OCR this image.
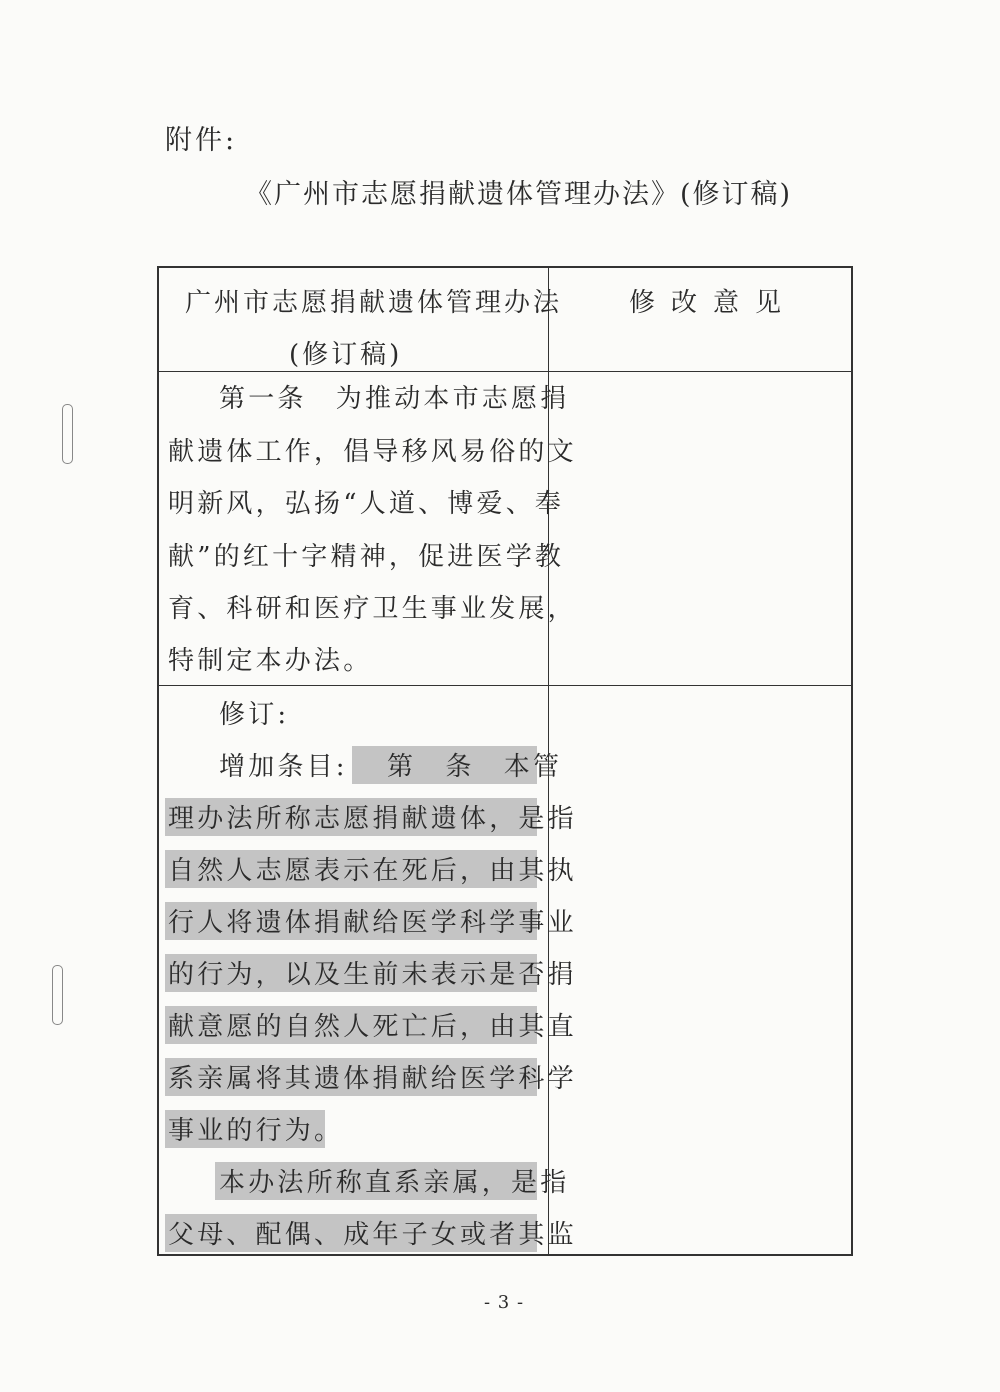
附件:
《广州市志愿捐献遗体管理办法》(修订稿)
广州市志愿捐献遗体管理办法
(修订稿)
修改意见
第一条　为推动本市志愿捐
献遗体工作，倡导移风易俗的文
明新风，弘扬“人道、博爱、奉
献”的红十字精神，促进医学教
育、科研和医疗卫生事业发展，
特制定本办法。
修订:
增加条目: 第　条　本管
理办法所称志愿捐献遗体，是指
自然人志愿表示在死后，由其执
行人将遗体捐献给医学科学事业
的行为，以及生前未表示是否捐
献意愿的自然人死亡后，由其直
系亲属将其遗体捐献给医学科学
事业的行为。
本办法所称直系亲属，是指
父母、配偶、成年子女或者其监
- 3 -
